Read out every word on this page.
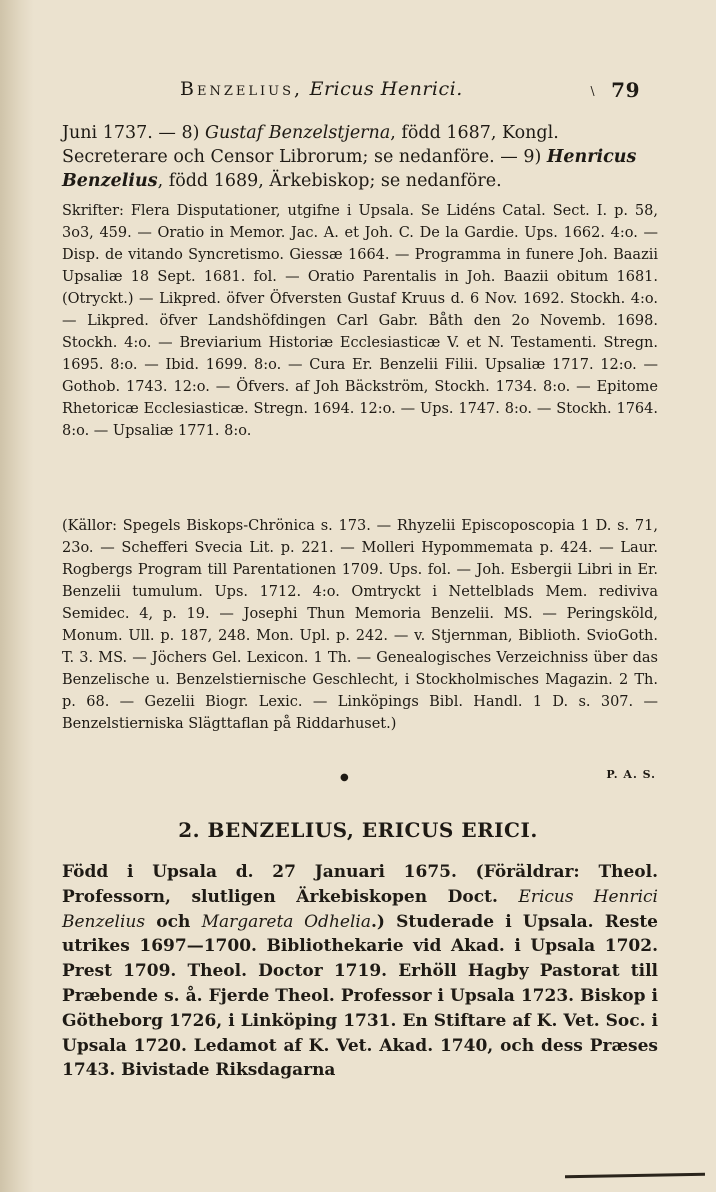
Benzelius, Ericus Henrici.	\ 79
Juni 1737. — 8) Gustaf Benzelstjerna, född 1687, Kongl. Secreterare och Censor Librorum; se nedanföre. — 9) Henricus Benzelius, född 1689, Ärkebiskop; se nedanföre.
Skrifter: Flera Disputationer, utgifne i Upsala. Se Lidéns Catal. Sect. I. p. 58, 3o3, 459. — Oratio in Memor. Jac. A. et Joh. C. De la Gardie. Ups. 1662. 4:o. — Disp. de vitando Syncretismo. Giessæ 1664. — Programma in funere Joh. Baazii Upsaliæ 18 Sept. 1681. fol. — Oratio Parentalis in Joh. Baazii obitum 1681. (Otryckt.) — Likpred. öfver Öfversten Gustaf Kruus d. 6 Nov. 1692. Stockh. 4:o. — Likpred. öfver Landshöfdingen Carl Gabr. Båth den 2o Novemb. 1698. Stockh. 4:o. — Breviarium Historiæ Ecclesiasticæ V. et N. Testamenti. Stregn. 1695. 8:o. — Ibid. 1699. 8:o. — Cura Er. Benzelii Filii. Upsaliæ 1717. 12:o. — Gothob. 1743. 12:o. — Öfvers. af Joh Bäckström, Stockh. 1734. 8:o. — Epitome Rhetoricæ Ecclesiasticæ. Stregn. 1694. 12:o. — Ups. 1747. 8:o. — Stockh. 1764. 8:o. — Upsaliæ 1771. 8:o.
(Källor: Spegels Biskops-Chrönica s. 173. — Rhyzelii Episcoposcopia 1 D. s. 71, 23o. — Schefferi Svecia Lit. p. 221. — Molleri Hypommemata p. 424. — Laur. Rogbergs Program till Parentationen 1709. Ups. fol. — Joh. Esbergii Libri in Er. Benzelii tumulum. Ups. 1712. 4:o. Omtryckt i Nettelblads Mem. rediviva Semidec. 4, p. 19. — Josephi Thun Memoria Benzelii. MS. — Peringsköld, Monum. Ull. p. 187, 248. Mon. Upl. p. 242. — v. Stjernman, Biblioth. SvioGoth. T. 3. MS. — Jöchers Gel. Lexicon. 1 Th. — Genealogisches Verzeichniss über das Benzelische u. Benzelstiernische Geschlecht, i Stockholmisches Magazin. 2 Th. p. 68. — Gezelii Biogr. Lexic. — Linköpings Bibl. Handl. 1 D. s. 307. — Benzelstierniska Slägttaflan på Riddarhuset.)
●	P. A. S.
2. BENZELIUS, ERICUS ERICI.
Född i Upsala d. 27 Januari 1675. (Föräldrar: Theol. Professorn, slutligen Ärkebiskopen Doct. Ericus Henrici Benzelius och Margareta Odhelia.) Studerade i Upsala. Reste utrikes 1697—1700. Bibliothekarie vid Akad. i Upsala 1702. Prest 1709. Theol. Doctor 1719. Erhöll Hagby Pastorat till Præbende s. å. Fjerde Theol. Professor i Upsala 1723. Biskop i Götheborg 1726, i Linköping 1731. En Stiftare af K. Vet. Soc. i Upsala 1720. Ledamot af K. Vet. Akad. 1740, och dess Præses 1743. Bivistade Riksdagarna
